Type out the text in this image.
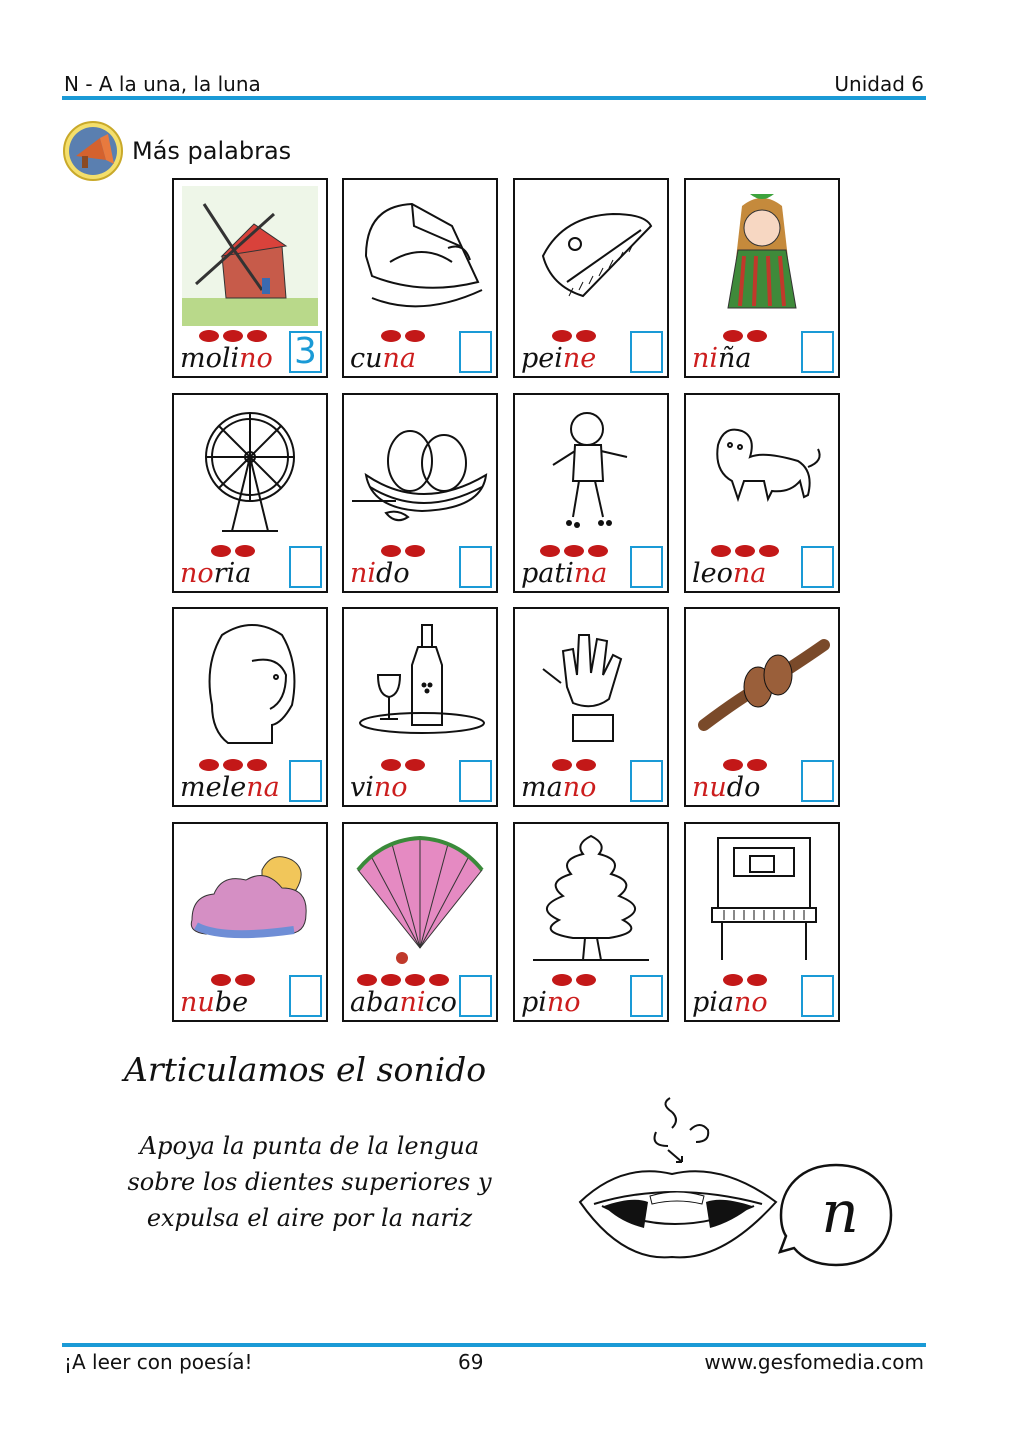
N - A la una, la luna	Unidad 6
Más palabras
molino 3 cuna	peine	niña
noria	nido	patina	leona
melena	vino	mano	nudo
nube	abanico pino	piano
Articulamos el sonido
Apoya la punta de la lengua
sobre los dientes superiores y
expulsa el aire por la nariz	n
¡A leer con poesía!	69	www.gesfomedia.com
